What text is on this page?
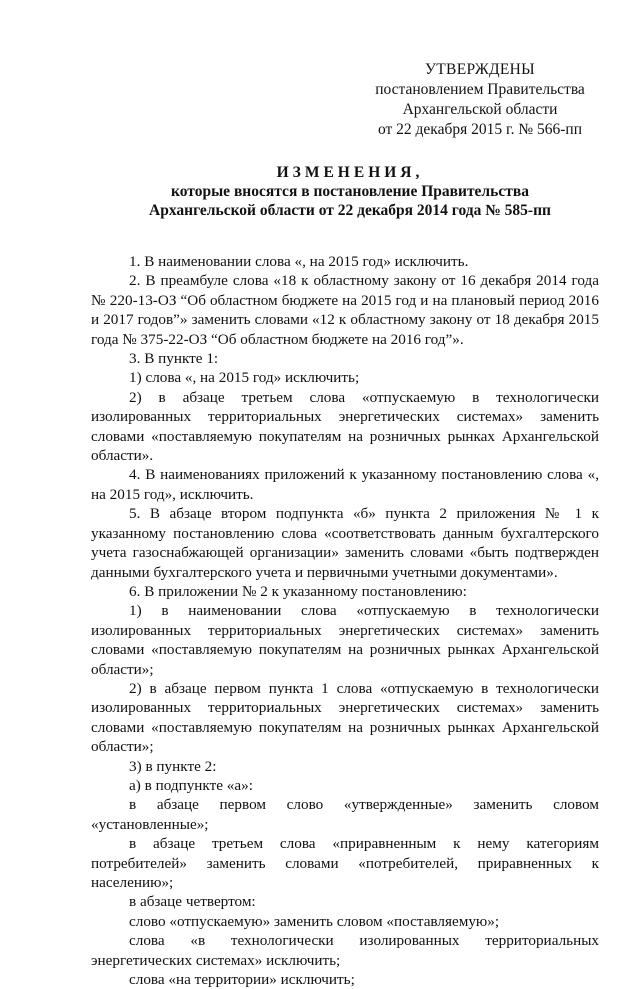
УТВЕРЖДЕНЫ
постановлением Правительства
Архангельской области
от 22 декабря 2015 г. № 566-пп
ИЗМЕНЕНИЯ,
которые вносятся в постановление Правительства
Архангельской области от 22 декабря 2014 года № 585-пп

1. В наименовании слова «, на 2015 год» исключить.

2. В преамбуле слова «18 к областному закону от 16 декабря 2014 года № 220-13-ОЗ “Об областном бюджете на 2015 год и на плановый период 2016 и 2017 годов”» заменить словами «12 к областному закону от 18 декабря 2015 года № 375-22-ОЗ “Об областном бюджете на 2016 год”».

3. В пункте 1:

1) слова «, на 2015 год» исключить;

2) в абзаце третьем слова «отпускаемую в технологически изолированных территориальных энергетических системах» заменить словами «поставляемую покупателям на розничных рынках Архангельской области».

4. В наименованиях приложений к указанному постановлению слова «, на 2015 год», исключить.

5. В абзаце втором подпункта «б» пункта 2 приложения № 1 к указанному постановлению слова «соответствовать данным бухгалтерского учета газоснабжающей организации» заменить словами «быть подтвержден данными бухгалтерского учета и первичными учетными документами».

6. В приложении № 2 к указанному постановлению:

1) в наименовании слова «отпускаемую в технологически изолированных территориальных энергетических системах» заменить словами «поставляемую покупателям на розничных рынках Архангельской области»;

2) в абзаце первом пункта 1 слова «отпускаемую в технологически изолированных территориальных энергетических системах» заменить словами «поставляемую покупателям на розничных рынках Архангельской области»;

3) в пункте 2:

а) в подпункте «а»:

в абзаце первом слово «утвержденные» заменить словом «установленные»;

в абзаце третьем слова «приравненным к нему категориям потребителей» заменить словами «потребителей, приравненных к населению»;

в абзаце четвертом:

слово «отпускаемую» заменить словом «поставляемую»;

слова «в технологически изолированных территориальных энергетических системах» исключить;

слова «на территории» исключить;
